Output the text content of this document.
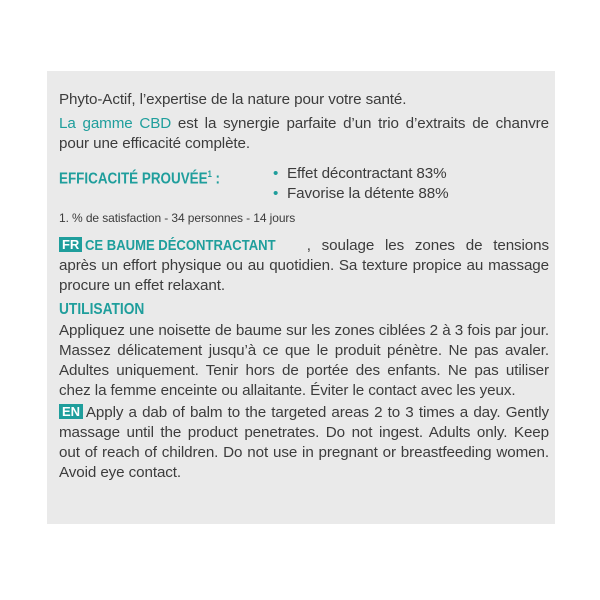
Phyto-Actif, l’expertise de la nature pour votre santé.

La gamme CBD est la synergie parfaite d’un trio d’extraits de chanvre pour une efficacité complète.

EFFICACITÉ PROUVÉE$^1$ :
•	Effet décontractant 83%
• Favorise la détente 88%

1. % de satisfaction - 34 personnes - 14 jours

FR CE BAUME DÉCONTRACTANT , soulage les zones de tensions après un effort physique ou au quotidien. Sa texture propice au massage procure un effet relaxant.

UTILISATION

Appliquez une noisette de baume sur les zones ciblées 2 à 3 fois par jour. Massez délicatement jusqu’à ce que le produit pénètre. Ne pas avaler. Adultes uniquement. Tenir hors de portée des enfants. Ne pas utiliser chez la femme enceinte ou allaitante. Éviter le contact avec les yeux.

EN Apply a dab of balm to the targeted areas 2 to 3 times a day. Gently massage until the product penetrates. Do not ingest. Adults only. Keep out of reach of children. Do not use in pregnant or breastfeeding women. Avoid eye contact.
